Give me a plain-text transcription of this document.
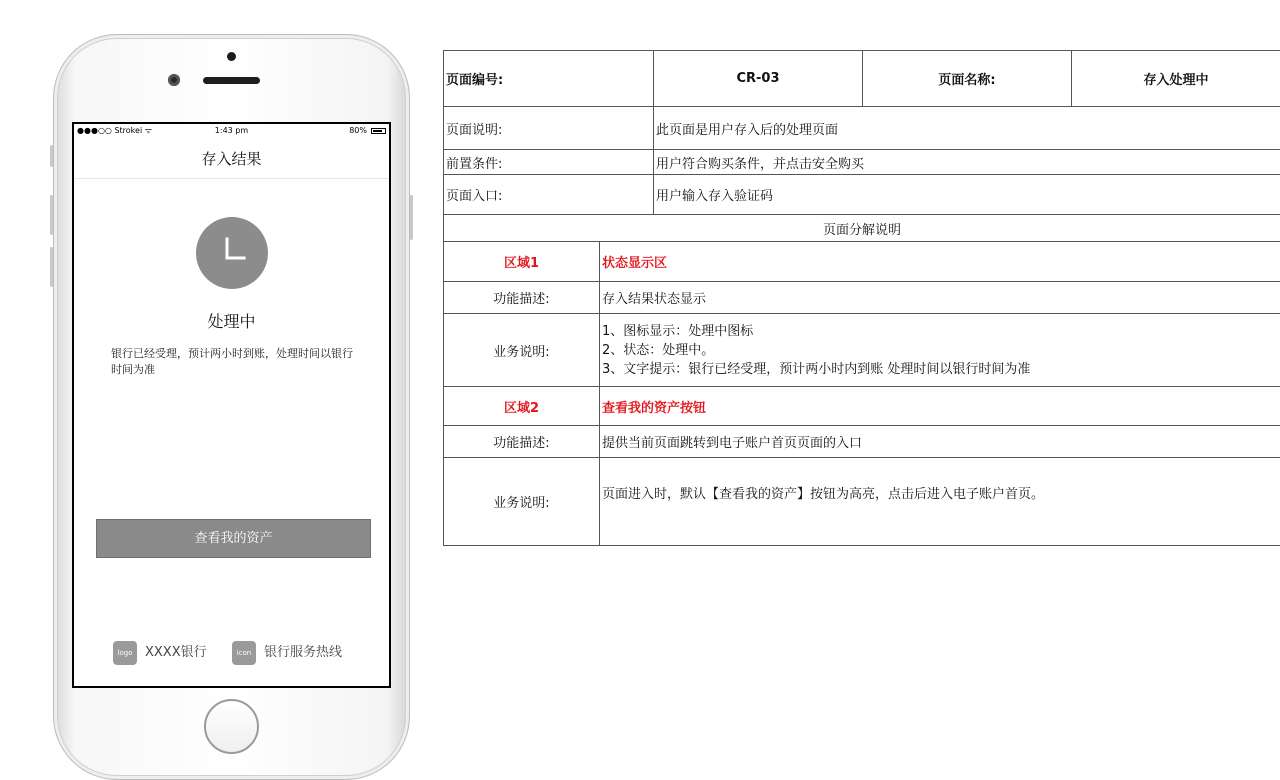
●●●○○ Strokei ᯤ	1:43 pm	80%
存入结果
处理中
银行已经受理，预计两小时到账，处理时间以银行时间为准
查看我的资产
logo XXXX银行	icon 银行服务热线
页面编号:		CR-03	页面名称:	存入处理中
页面说明:		此页面是用户存入后的处理页面		
前置条件:		用户符合购买条件，并点击安全购买		
页面入口:		用户输入存入验证码		
页面分解说明				
区域1	状态显示区			
功能描述:	存入结果状态显示			
业务说明:	1、图标显示：处理中图标
2、状态：处理中。
3、文字提示：银行已经受理，预计两小时内到账 处理时间以银行时间为准			

区域2	查看我的资产按钮			
功能描述:	提供当前页面跳转到电子账户首页页面的入口			
业务说明:	页面进入时，默认【查看我的资产】按钮为高亮，点击后进入电子账户首页。			
